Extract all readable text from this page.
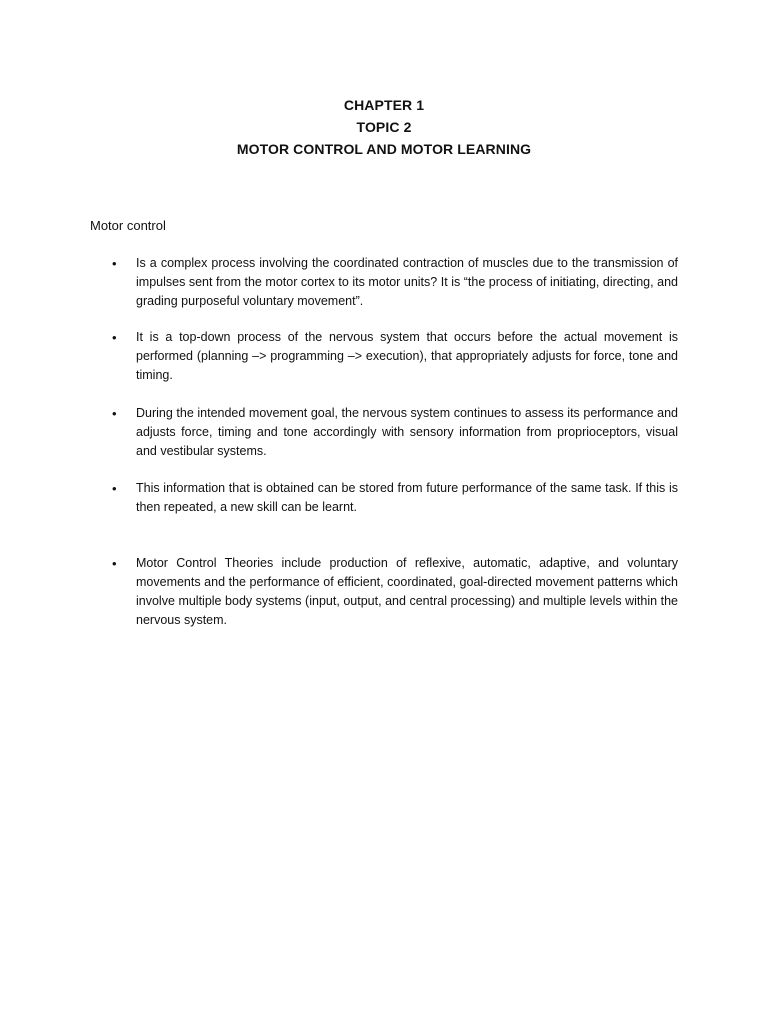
CHAPTER 1
TOPIC 2
MOTOR CONTROL AND MOTOR LEARNING
Motor control
•	Is a complex process involving the coordinated contraction of muscles due to the transmission of impulses sent from the motor cortex to its motor units? It is “the process of initiating, directing, and grading purposeful voluntary movement”.
•	It is a top-down process of the nervous system that occurs before the actual movement is performed (planning –> programming –> execution), that appropriately adjusts for force, tone and timing.
•	During the intended movement goal, the nervous system continues to assess its performance and adjusts force, timing and tone accordingly with sensory information from proprioceptors, visual and vestibular systems.
•	This information that is obtained can be stored from future performance of the same task. If this is then repeated, a new skill can be learnt.
•	Motor Control Theories include production of reflexive, automatic, adaptive, and voluntary movements and the performance of efficient, coordinated, goal-directed movement patterns which involve multiple body systems (input, output, and central processing) and multiple levels within the nervous system.
